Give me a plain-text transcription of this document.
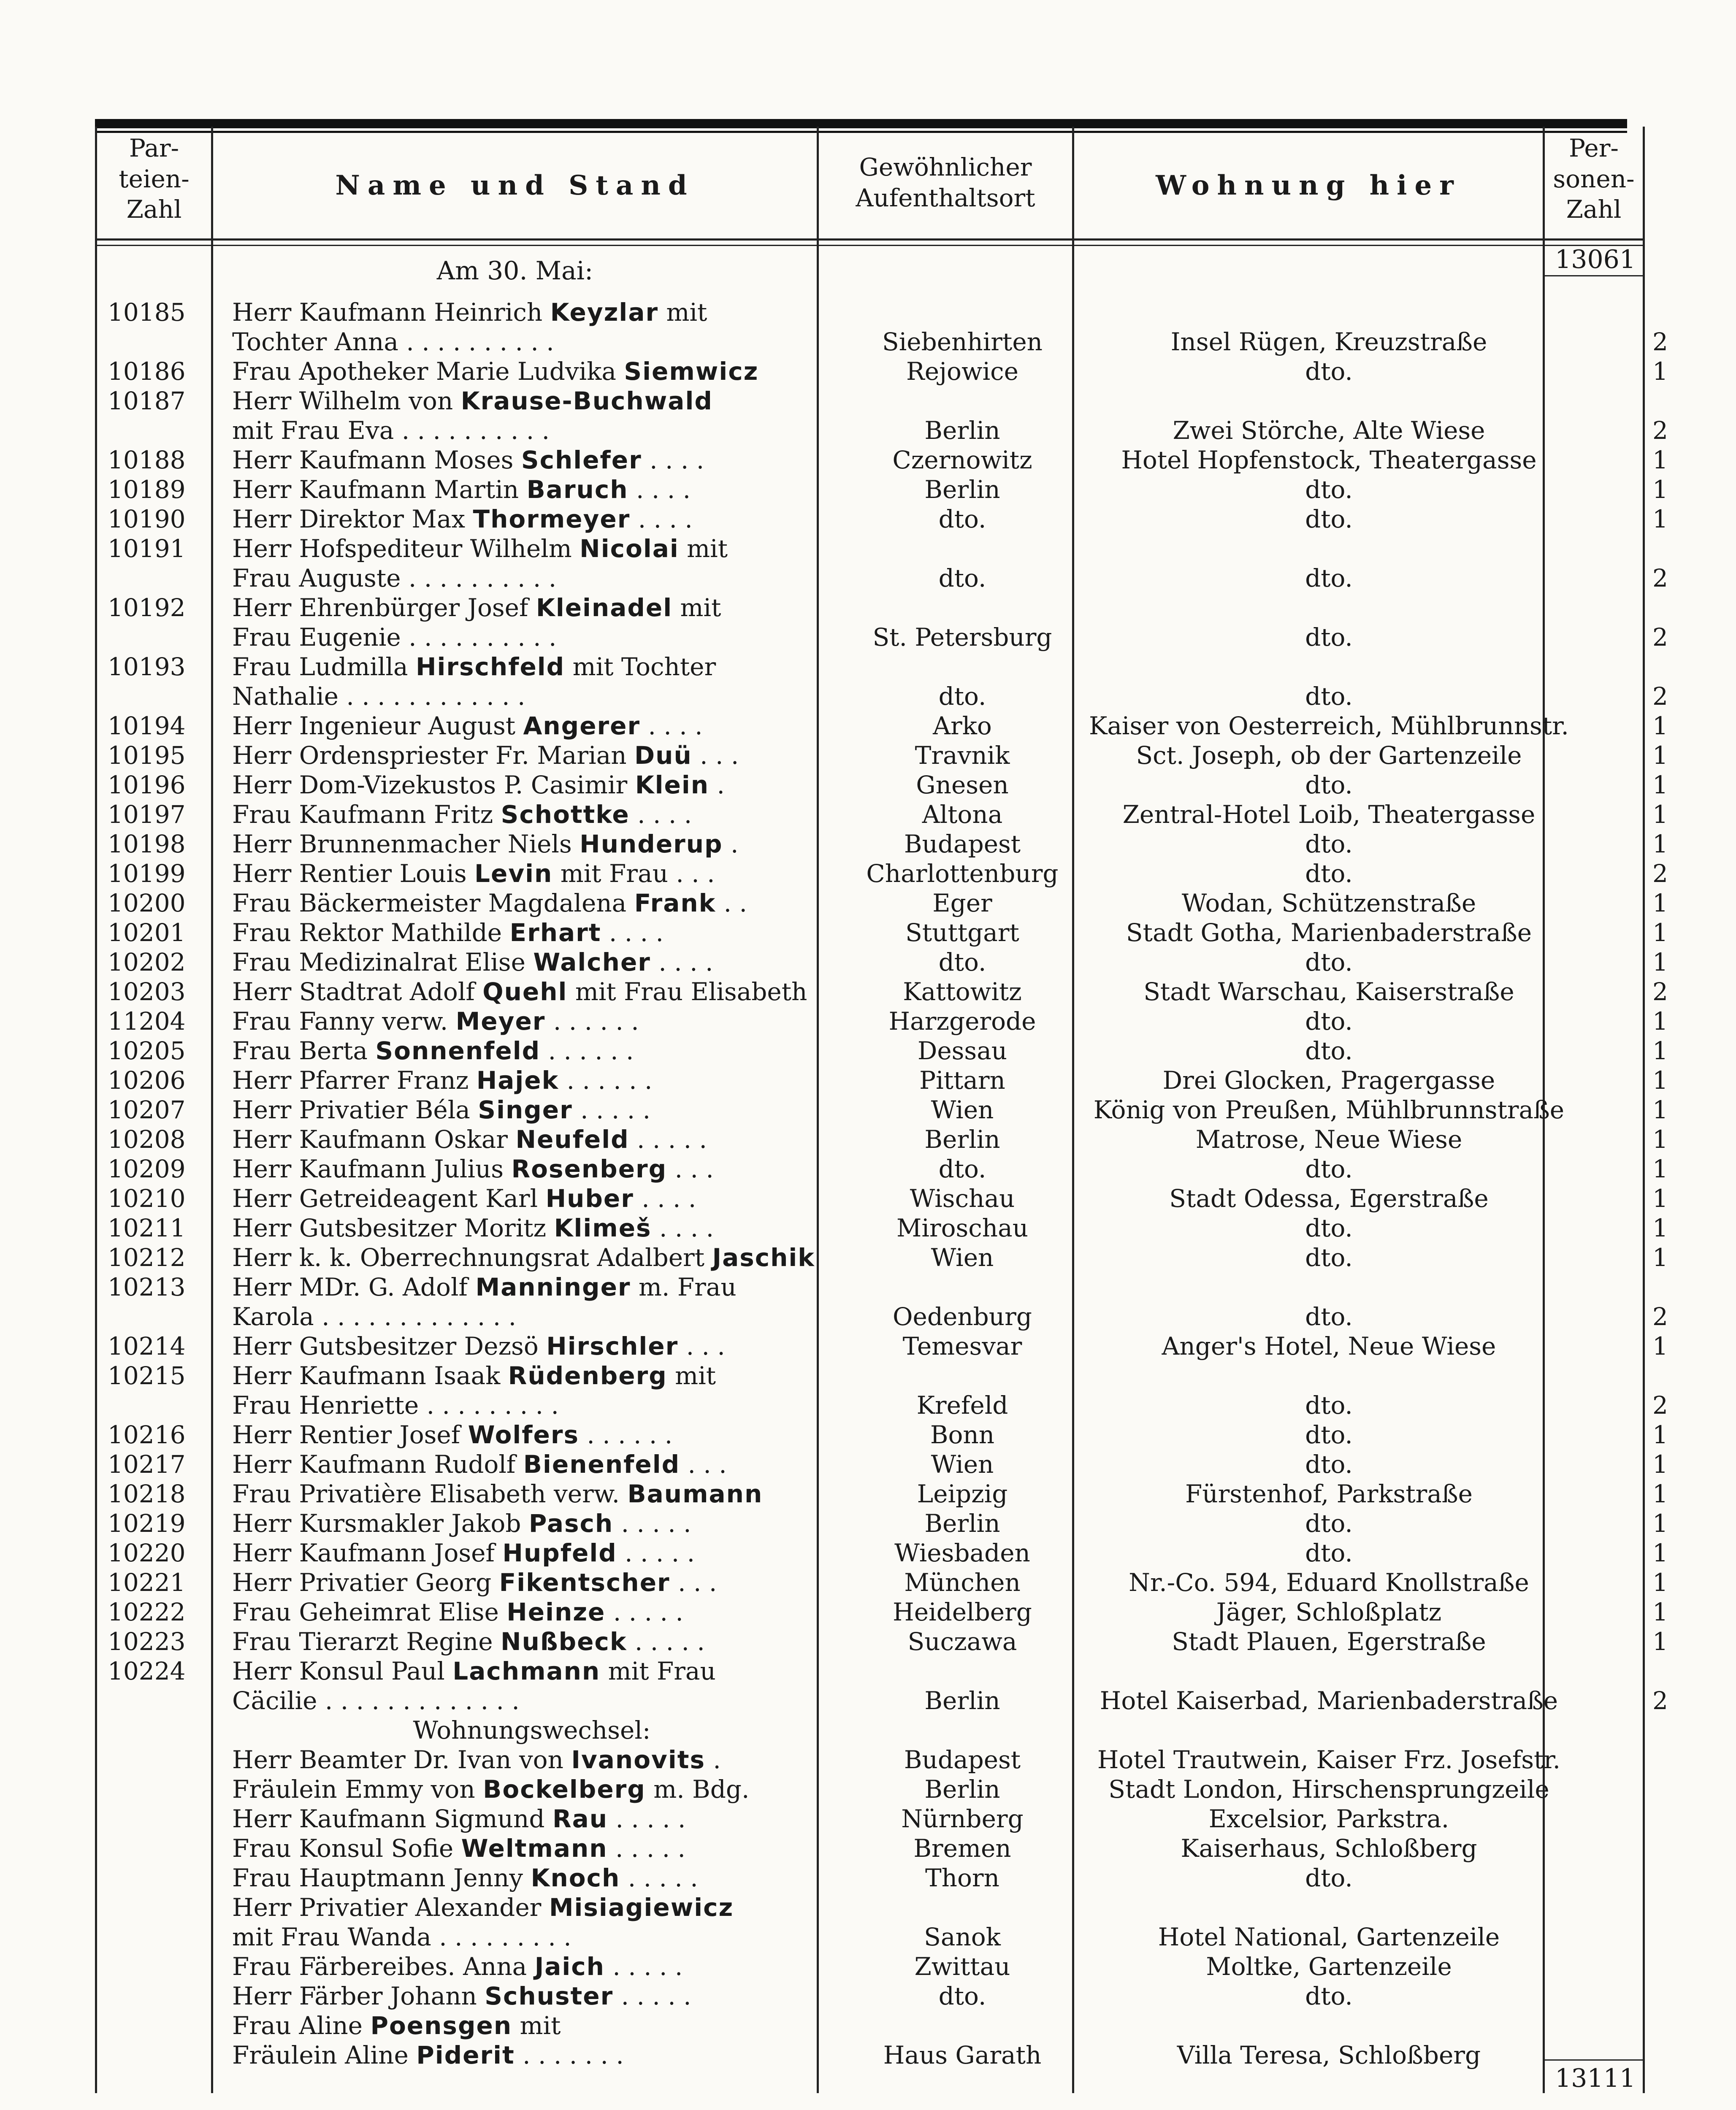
Par-
teien-
Zahl
Name und Stand
Gewöhnlicher
Aufenthaltsort	Wohnung hier
Per-
sonen-
Zahl
Am 30. Mai:	13061
10185	Herr Kaufmann Heinrich Keyzlar mit			
	Tochter Anna . . . . . . . . . .	Siebenhirten	Insel Rügen, Kreuzstraße	2
10186	Frau Apotheker Marie Ludvika Siemwicz	Rejowice	dto.	1
10187	Herr Wilhelm von Krause-Buchwald			
	mit Frau Eva . . . . . . . . . .	Berlin	Zwei Störche, Alte Wiese	2
10188	Herr Kaufmann Moses Schlefer . . . .	Czernowitz	Hotel Hopfenstock, Theatergasse	1
10189	Herr Kaufmann Martin Baruch . . . .	Berlin	dto.	1
10190	Herr Direktor Max Thormeyer . . . .	dto.	dto.	1
10191	Herr Hofspediteur Wilhelm Nicolai mit			
	Frau Auguste . . . . . . . . . .	dto.	dto.	2
10192	Herr Ehrenbürger Josef Kleinadel mit			
	Frau Eugenie . . . . . . . . . .	St. Petersburg	dto.	2
10193	Frau Ludmilla Hirschfeld mit Tochter			
	Nathalie . . . . . . . . . . . .	dto.	dto.	2
10194	Herr Ingenieur August Angerer . . . .	Arko	Kaiser von Oesterreich, Mühlbrunnstr.	1
10195	Herr Ordenspriester Fr. Marian Duü . . .	Travnik	Sct. Joseph, ob der Gartenzeile	1
10196	Herr Dom-Vizekustos P. Casimir Klein .	Gnesen	dto.	1
10197	Frau Kaufmann Fritz Schottke . . . .	Altona	Zentral-Hotel Loib, Theatergasse	1
10198	Herr Brunnenmacher Niels Hunderup .	Budapest	dto.	1
10199	Herr Rentier Louis Levin mit Frau . . .	Charlottenburg	dto.	2
10200	Frau Bäckermeister Magdalena Frank . .	Eger	Wodan, Schützenstraße	1
10201	Frau Rektor Mathilde Erhart . . . .	Stuttgart	Stadt Gotha, Marienbaderstraße	1
10202	Frau Medizinalrat Elise Walcher . . . .	dto.	dto.	1
10203	Herr Stadtrat Adolf Quehl mit Frau Elisabeth	Kattowitz	Stadt Warschau, Kaiserstraße	2
11204	Frau Fanny verw. Meyer . . . . . .	Harzgerode	dto.	1
10205	Frau Berta Sonnenfeld . . . . . .	Dessau	dto.	1
10206	Herr Pfarrer Franz Hajek . . . . . .	Pittarn	Drei Glocken, Pragergasse	1
10207	Herr Privatier Béla Singer . . . . .	Wien	König von Preußen, Mühlbrunnstraße	1
10208	Herr Kaufmann Oskar Neufeld . . . . .	Berlin	Matrose, Neue Wiese	1
10209	Herr Kaufmann Julius Rosenberg . . .	dto.	dto.	1
10210	Herr Getreideagent Karl Huber . . . .	Wischau	Stadt Odessa, Egerstraße	1
10211	Herr Gutsbesitzer Moritz Klimeš . . . .	Miroschau	dto.	1
10212	Herr k. k. Oberrechnungsrat Adalbert Jaschik	Wien	dto.	1
10213	Herr MDr. G. Adolf Manninger m. Frau			
	Karola . . . . . . . . . . . . .	Oedenburg	dto.	2
10214	Herr Gutsbesitzer Dezsö Hirschler . . .	Temesvar	Anger's Hotel, Neue Wiese	1
10215	Herr Kaufmann Isaak Rüdenberg mit			
	Frau Henriette . . . . . . . . .	Krefeld	dto.	2
10216	Herr Rentier Josef Wolfers . . . . . .	Bonn	dto.	1
10217	Herr Kaufmann Rudolf Bienenfeld . . .	Wien	dto.	1
10218	Frau Privatière Elisabeth verw. Baumann	Leipzig	Fürstenhof, Parkstraße	1
10219	Herr Kursmakler Jakob Pasch . . . . .	Berlin	dto.	1
10220	Herr Kaufmann Josef Hupfeld . . . . .	Wiesbaden	dto.	1
10221	Herr Privatier Georg Fikentscher . . .	München	Nr.-Co. 594, Eduard Knollstraße	1
10222	Frau Geheimrat Elise Heinze . . . . .	Heidelberg	Jäger, Schloßplatz	1
10223	Frau Tierarzt Regine Nußbeck . . . . .	Suczawa	Stadt Plauen, Egerstraße	1
10224	Herr Konsul Paul Lachmann mit Frau			
	Cäcilie . . . . . . . . . . . . .	Berlin	Hotel Kaiserbad, Marienbaderstraße	2
	Wohnungswechsel:			
	Herr Beamter Dr. Ivan von Ivanovits .	Budapest	Hotel Trautwein, Kaiser Frz. Josefstr.	
	Fräulein Emmy von Bockelberg m. Bdg.	Berlin	Stadt London, Hirschensprungzeile	
	Herr Kaufmann Sigmund Rau . . . . .	Nürnberg	Excelsior, Parkstra.	
	Frau Konsul Sofie Weltmann . . . . .	Bremen	Kaiserhaus, Schloßberg	
	Frau Hauptmann Jenny Knoch . . . . .	Thorn	dto.	
	Herr Privatier Alexander Misiagiewicz			
	mit Frau Wanda . . . . . . . . .	Sanok	Hotel National, Gartenzeile	
	Frau Färbereibes. Anna Jaich . . . . .	Zwittau	Moltke, Gartenzeile	
	Herr Färber Johann Schuster . . . . .	dto.	dto.	
	Frau Aline Poensgen mit			
	Fräulein Aline Piderit . . . . . . .	Haus Garath	Villa Teresa, Schloßberg	
13111
